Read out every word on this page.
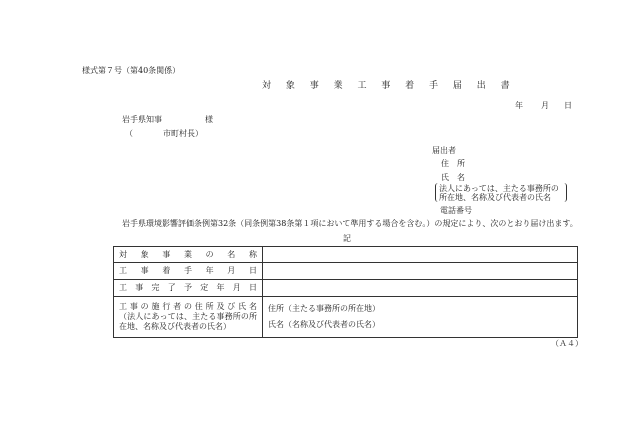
様式第７号（第40条関係）
対 象 事 業 工 事 着 手 届 出 書
年 月 日
岩手県知事	様
（	市町村長）
届出者
住　所
氏　名
法人にあっては、主たる事務所の
所在地、名称及び代表者の氏名
電話番号
岩手県環境影響評価条例第32条（同条例第38条第１項において準用する場合を含む。）の規定により、次のとおり届け出ます。
記
対 象 事 業 の 名 称
工 事 着 手 年 月 日
工 事 完 了 予 定 年 月 日
工 事 の 施 行 者 の 住 所 及 び 氏 名
（ 法 人 に あ っ て は 、 主 た る 事 務 所 の 所
在地、名称及び代表者の氏名）
住所（主たる事務所の所在地）
氏名（名称及び代表者の氏名）
（Ａ４）
